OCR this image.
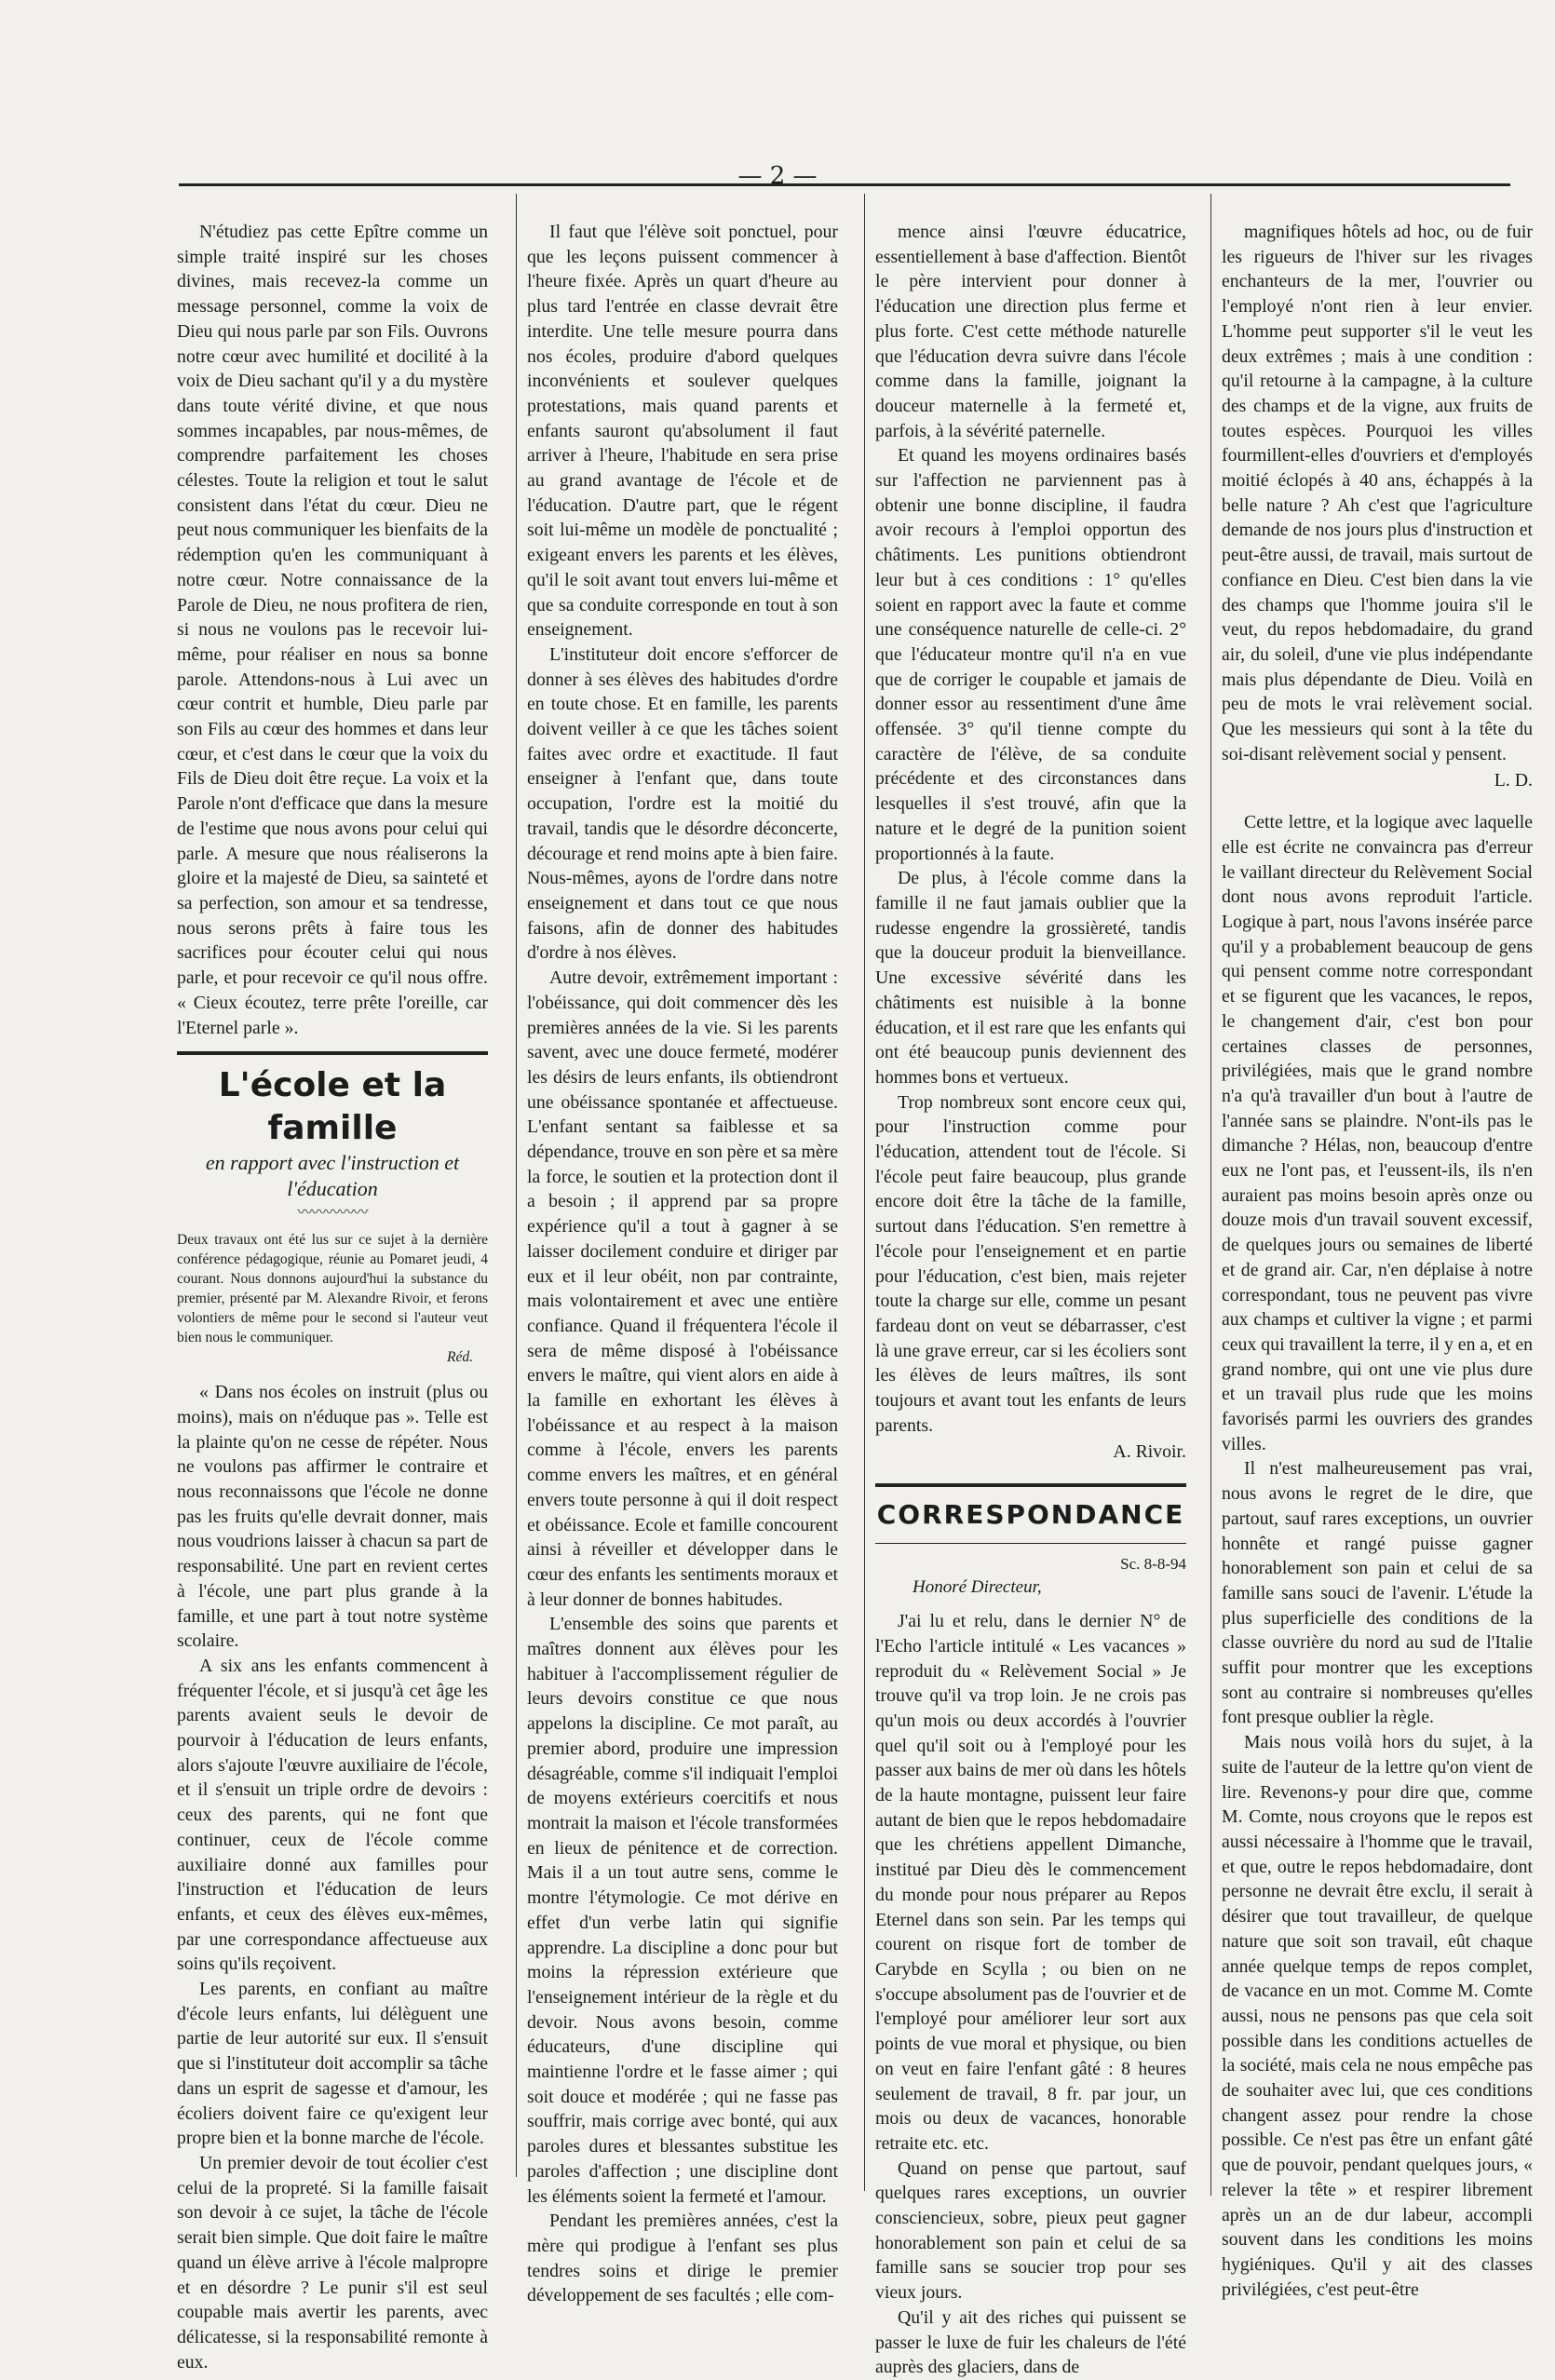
— 2 —

N'étudiez pas cette Epître comme un simple traité inspiré sur les choses divines, mais recevez-la comme un message personnel, comme la voix de Dieu qui nous parle par son Fils. Ouvrons notre cœur avec humilité et docilité à la voix de Dieu sachant qu'il y a du mystère dans toute vérité divine, et que nous sommes incapables, par nous-mêmes, de comprendre parfaitement les choses célestes. Toute la religion et tout le salut consistent dans l'état du cœur. Dieu ne peut nous communiquer les bienfaits de la rédemption qu'en les communiquant à notre cœur. Notre connaissance de la Parole de Dieu, ne nous profitera de rien, si nous ne voulons pas le recevoir lui-même, pour réaliser en nous sa bonne parole. Attendons-nous à Lui avec un cœur contrit et humble, Dieu parle par son Fils au cœur des hommes et dans leur cœur, et c'est dans le cœur que la voix du Fils de Dieu doit être reçue. La voix et la Parole n'ont d'efficace que dans la mesure de l'estime que nous avons pour celui qui parle. A mesure que nous réaliserons la gloire et la majesté de Dieu, sa sainteté et sa perfection, son amour et sa tendresse, nous serons prêts à faire tous les sacrifices pour écouter celui qui nous parle, et pour recevoir ce qu'il nous offre. « Cieux écoutez, terre prête l'oreille, car l'Eternel parle ».

L'école et la famille
en rapport avec l'instruction et l'éducation
〰〰〰〰〰
Deux travaux ont été lus sur ce sujet à la dernière conférence pédagogique, réunie au Pomaret jeudi, 4 courant. Nous donnons aujourd'hui la substance du premier, présenté par M. Alexandre Rivoir, et ferons volontiers de même pour le second si l'auteur veut bien nous le communiquer.
Réd.

« Dans nos écoles on instruit (plus ou moins), mais on n'éduque pas ». Telle est la plainte qu'on ne cesse de répéter. Nous ne voulons pas affirmer le contraire et nous reconnaissons que l'école ne donne pas les fruits qu'elle devrait donner, mais nous voudrions laisser à chacun sa part de responsabilité. Une part en revient certes à l'école, une part plus grande à la famille, et une part à tout notre système scolaire.

A six ans les enfants commencent à fréquenter l'école, et si jusqu'à cet âge les parents avaient seuls le devoir de pourvoir à l'éducation de leurs enfants, alors s'ajoute l'œuvre auxiliaire de l'école, et il s'ensuit un triple ordre de devoirs : ceux des parents, qui ne font que continuer, ceux de l'école comme auxiliaire donné aux familles pour l'instruction et l'éducation de leurs enfants, et ceux des élèves eux-mêmes, par une correspondance affectueuse aux soins qu'ils reçoivent.

Les parents, en confiant au maître d'école leurs enfants, lui délèguent une partie de leur autorité sur eux. Il s'ensuit que si l'instituteur doit accomplir sa tâche dans un esprit de sagesse et d'amour, les écoliers doivent faire ce qu'exigent leur propre bien et la bonne marche de l'école.

Un premier devoir de tout écolier c'est celui de la propreté. Si la famille faisait son devoir à ce sujet, la tâche de l'école serait bien simple. Que doit faire le maître quand un élève arrive à l'école malpropre et en désordre ? Le punir s'il est seul coupable mais avertir les parents, avec délicatesse, si la responsabilité remonte à eux.

Il faut que l'élève soit ponctuel, pour que les leçons puissent commencer à l'heure fixée. Après un quart d'heure au plus tard l'entrée en classe devrait être interdite. Une telle mesure pourra dans nos écoles, produire d'abord quelques inconvénients et soulever quelques protestations, mais quand parents et enfants sauront qu'absolument il faut arriver à l'heure, l'habitude en sera prise au grand avantage de l'école et de l'éducation. D'autre part, que le régent soit lui-même un modèle de ponctualité ; exigeant envers les parents et les élèves, qu'il le soit avant tout envers lui-même et que sa conduite corresponde en tout à son enseignement.

L'instituteur doit encore s'efforcer de donner à ses élèves des habitudes d'ordre en toute chose. Et en famille, les parents doivent veiller à ce que les tâches soient faites avec ordre et exactitude. Il faut enseigner à l'enfant que, dans toute occupation, l'ordre est la moitié du travail, tandis que le désordre déconcerte, décourage et rend moins apte à bien faire. Nous-mêmes, ayons de l'ordre dans notre enseignement et dans tout ce que nous faisons, afin de donner des habitudes d'ordre à nos élèves.

Autre devoir, extrêmement important : l'obéissance, qui doit commencer dès les premières années de la vie. Si les parents savent, avec une douce fermeté, modérer les désirs de leurs enfants, ils obtiendront une obéissance spontanée et affectueuse. L'enfant sentant sa faiblesse et sa dépendance, trouve en son père et sa mère la force, le soutien et la protection dont il a besoin ; il apprend par sa propre expérience qu'il a tout à gagner à se laisser docilement conduire et diriger par eux et il leur obéit, non par contrainte, mais volontairement et avec une entière confiance. Quand il fréquentera l'école il sera de même disposé à l'obéissance envers le maître, qui vient alors en aide à la famille en exhortant les élèves à l'obéissance et au respect à la maison comme à l'école, envers les parents comme envers les maîtres, et en général envers toute personne à qui il doit respect et obéissance. Ecole et famille concourent ainsi à réveiller et développer dans le cœur des enfants les sentiments moraux et à leur donner de bonnes habitudes.

L'ensemble des soins que parents et maîtres donnent aux élèves pour les habituer à l'accomplissement régulier de leurs devoirs constitue ce que nous appelons la discipline. Ce mot paraît, au premier abord, produire une impression désagréable, comme s'il indiquait l'emploi de moyens extérieurs coercitifs et nous montrait la maison et l'école transformées en lieux de pénitence et de correction. Mais il a un tout autre sens, comme le montre l'étymologie. Ce mot dérive en effet d'un verbe latin qui signifie apprendre. La discipline a donc pour but moins la répression extérieure que l'enseignement intérieur de la règle et du devoir. Nous avons besoin, comme éducateurs, d'une discipline qui maintienne l'ordre et le fasse aimer ; qui soit douce et modérée ; qui ne fasse pas souffrir, mais corrige avec bonté, qui aux paroles dures et blessantes substitue les paroles d'affection ; une discipline dont les éléments soient la fermeté et l'amour.

Pendant les premières années, c'est la mère qui prodigue à l'enfant ses plus tendres soins et dirige le premier développement de ses facultés ; elle com-

mence ainsi l'œuvre éducatrice, essentiellement à base d'affection. Bientôt le père intervient pour donner à l'éducation une direction plus ferme et plus forte. C'est cette méthode naturelle que l'éducation devra suivre dans l'école comme dans la famille, joignant la douceur maternelle à la fermeté et, parfois, à la sévérité paternelle.

Et quand les moyens ordinaires basés sur l'affection ne parviennent pas à obtenir une bonne discipline, il faudra avoir recours à l'emploi opportun des châtiments. Les punitions obtiendront leur but à ces conditions : 1° qu'elles soient en rapport avec la faute et comme une conséquence naturelle de celle-ci. 2° que l'éducateur montre qu'il n'a en vue que de corriger le coupable et jamais de donner essor au ressentiment d'une âme offensée. 3° qu'il tienne compte du caractère de l'élève, de sa conduite précédente et des circonstances dans lesquelles il s'est trouvé, afin que la nature et le degré de la punition soient proportionnés à la faute.

De plus, à l'école comme dans la famille il ne faut jamais oublier que la rudesse engendre la grossièreté, tandis que la douceur produit la bienveillance. Une excessive sévérité dans les châtiments est nuisible à la bonne éducation, et il est rare que les enfants qui ont été beaucoup punis deviennent des hommes bons et vertueux.

Trop nombreux sont encore ceux qui, pour l'instruction comme pour l'éducation, attendent tout de l'école. Si l'école peut faire beaucoup, plus grande encore doit être la tâche de la famille, surtout dans l'éducation. S'en remettre à l'école pour l'enseignement et en partie pour l'éducation, c'est bien, mais rejeter toute la charge sur elle, comme un pesant fardeau dont on veut se débarrasser, c'est là une grave erreur, car si les écoliers sont les élèves de leurs maîtres, ils sont toujours et avant tout les enfants de leurs parents.

A. Rivoir.
CORRESPONDANCE
Sc. 8-8-94
Honoré Directeur,

J'ai lu et relu, dans le dernier N° de l'Echo l'article intitulé « Les vacances » reproduit du « Relèvement Social » Je trouve qu'il va trop loin. Je ne crois pas qu'un mois ou deux accordés à l'ouvrier quel qu'il soit ou à l'employé pour les passer aux bains de mer où dans les hôtels de la haute montagne, puissent leur faire autant de bien que le repos hebdomadaire que les chrétiens appellent Dimanche, institué par Dieu dès le commencement du monde pour nous préparer au Repos Eternel dans son sein. Par les temps qui courent on risque fort de tomber de Carybde en Scylla ; ou bien on ne s'occupe absolument pas de l'ouvrier et de l'employé pour améliorer leur sort aux points de vue moral et physique, ou bien on veut en faire l'enfant gâté : 8 heures seulement de travail, 8 fr. par jour, un mois ou deux de vacances, honorable retraite etc. etc.

Quand on pense que partout, sauf quelques rares exceptions, un ouvrier consciencieux, sobre, pieux peut gagner honorablement son pain et celui de sa famille sans se soucier trop pour ses vieux jours.

Qu'il y ait des riches qui puissent se passer le luxe de fuir les chaleurs de l'été auprès des glaciers, dans de

magnifiques hôtels ad hoc, ou de fuir les rigueurs de l'hiver sur les rivages enchanteurs de la mer, l'ouvrier ou l'employé n'ont rien à leur envier. L'homme peut supporter s'il le veut les deux extrêmes ; mais à une condition : qu'il retourne à la campagne, à la culture des champs et de la vigne, aux fruits de toutes espèces. Pourquoi les villes fourmillent-elles d'ouvriers et d'employés moitié éclopés à 40 ans, échappés à la belle nature ? Ah c'est que l'agriculture demande de nos jours plus d'instruction et peut-être aussi, de travail, mais surtout de confiance en Dieu. C'est bien dans la vie des champs que l'homme jouira s'il le veut, du repos hebdomadaire, du grand air, du soleil, d'une vie plus indépendante mais plus dépendante de Dieu. Voilà en peu de mots le vrai relèvement social. Que les messieurs qui sont à la tête du soi-disant relèvement social y pensent.

L. D.

Cette lettre, et la logique avec laquelle elle est écrite ne convaincra pas d'erreur le vaillant directeur du Relèvement Social dont nous avons reproduit l'article. Logique à part, nous l'avons insérée parce qu'il y a probablement beaucoup de gens qui pensent comme notre correspondant et se figurent que les vacances, le repos, le changement d'air, c'est bon pour certaines classes de personnes, privilégiées, mais que le grand nombre n'a qu'à travailler d'un bout à l'autre de l'année sans se plaindre. N'ont-ils pas le dimanche ? Hélas, non, beaucoup d'entre eux ne l'ont pas, et l'eussent-ils, ils n'en auraient pas moins besoin après onze ou douze mois d'un travail souvent excessif, de quelques jours ou semaines de liberté et de grand air. Car, n'en déplaise à notre correspondant, tous ne peuvent pas vivre aux champs et cultiver la vigne ; et parmi ceux qui travaillent la terre, il y en a, et en grand nombre, qui ont une vie plus dure et un travail plus rude que les moins favorisés parmi les ouvriers des grandes villes.

Il n'est malheureusement pas vrai, nous avons le regret de le dire, que partout, sauf rares exceptions, un ouvrier honnête et rangé puisse gagner honorablement son pain et celui de sa famille sans souci de l'avenir. L'étude la plus superficielle des conditions de la classe ouvrière du nord au sud de l'Italie suffit pour montrer que les exceptions sont au contraire si nombreuses qu'elles font presque oublier la règle.

Mais nous voilà hors du sujet, à la suite de l'auteur de la lettre qu'on vient de lire. Revenons-y pour dire que, comme M. Comte, nous croyons que le repos est aussi nécessaire à l'homme que le travail, et que, outre le repos hebdomadaire, dont personne ne devrait être exclu, il serait à désirer que tout travailleur, de quelque nature que soit son travail, eût chaque année quelque temps de repos complet, de vacance en un mot. Comme M. Comte aussi, nous ne pensons pas que cela soit possible dans les conditions actuelles de la société, mais cela ne nous empêche pas de souhaiter avec lui, que ces conditions changent assez pour rendre la chose possible. Ce n'est pas être un enfant gâté que de pouvoir, pendant quelques jours, « relever la tête » et respirer librement après un an de dur labeur, accompli souvent dans les conditions les moins hygiéniques. Qu'il y ait des classes privilégiées, c'est peut-être
